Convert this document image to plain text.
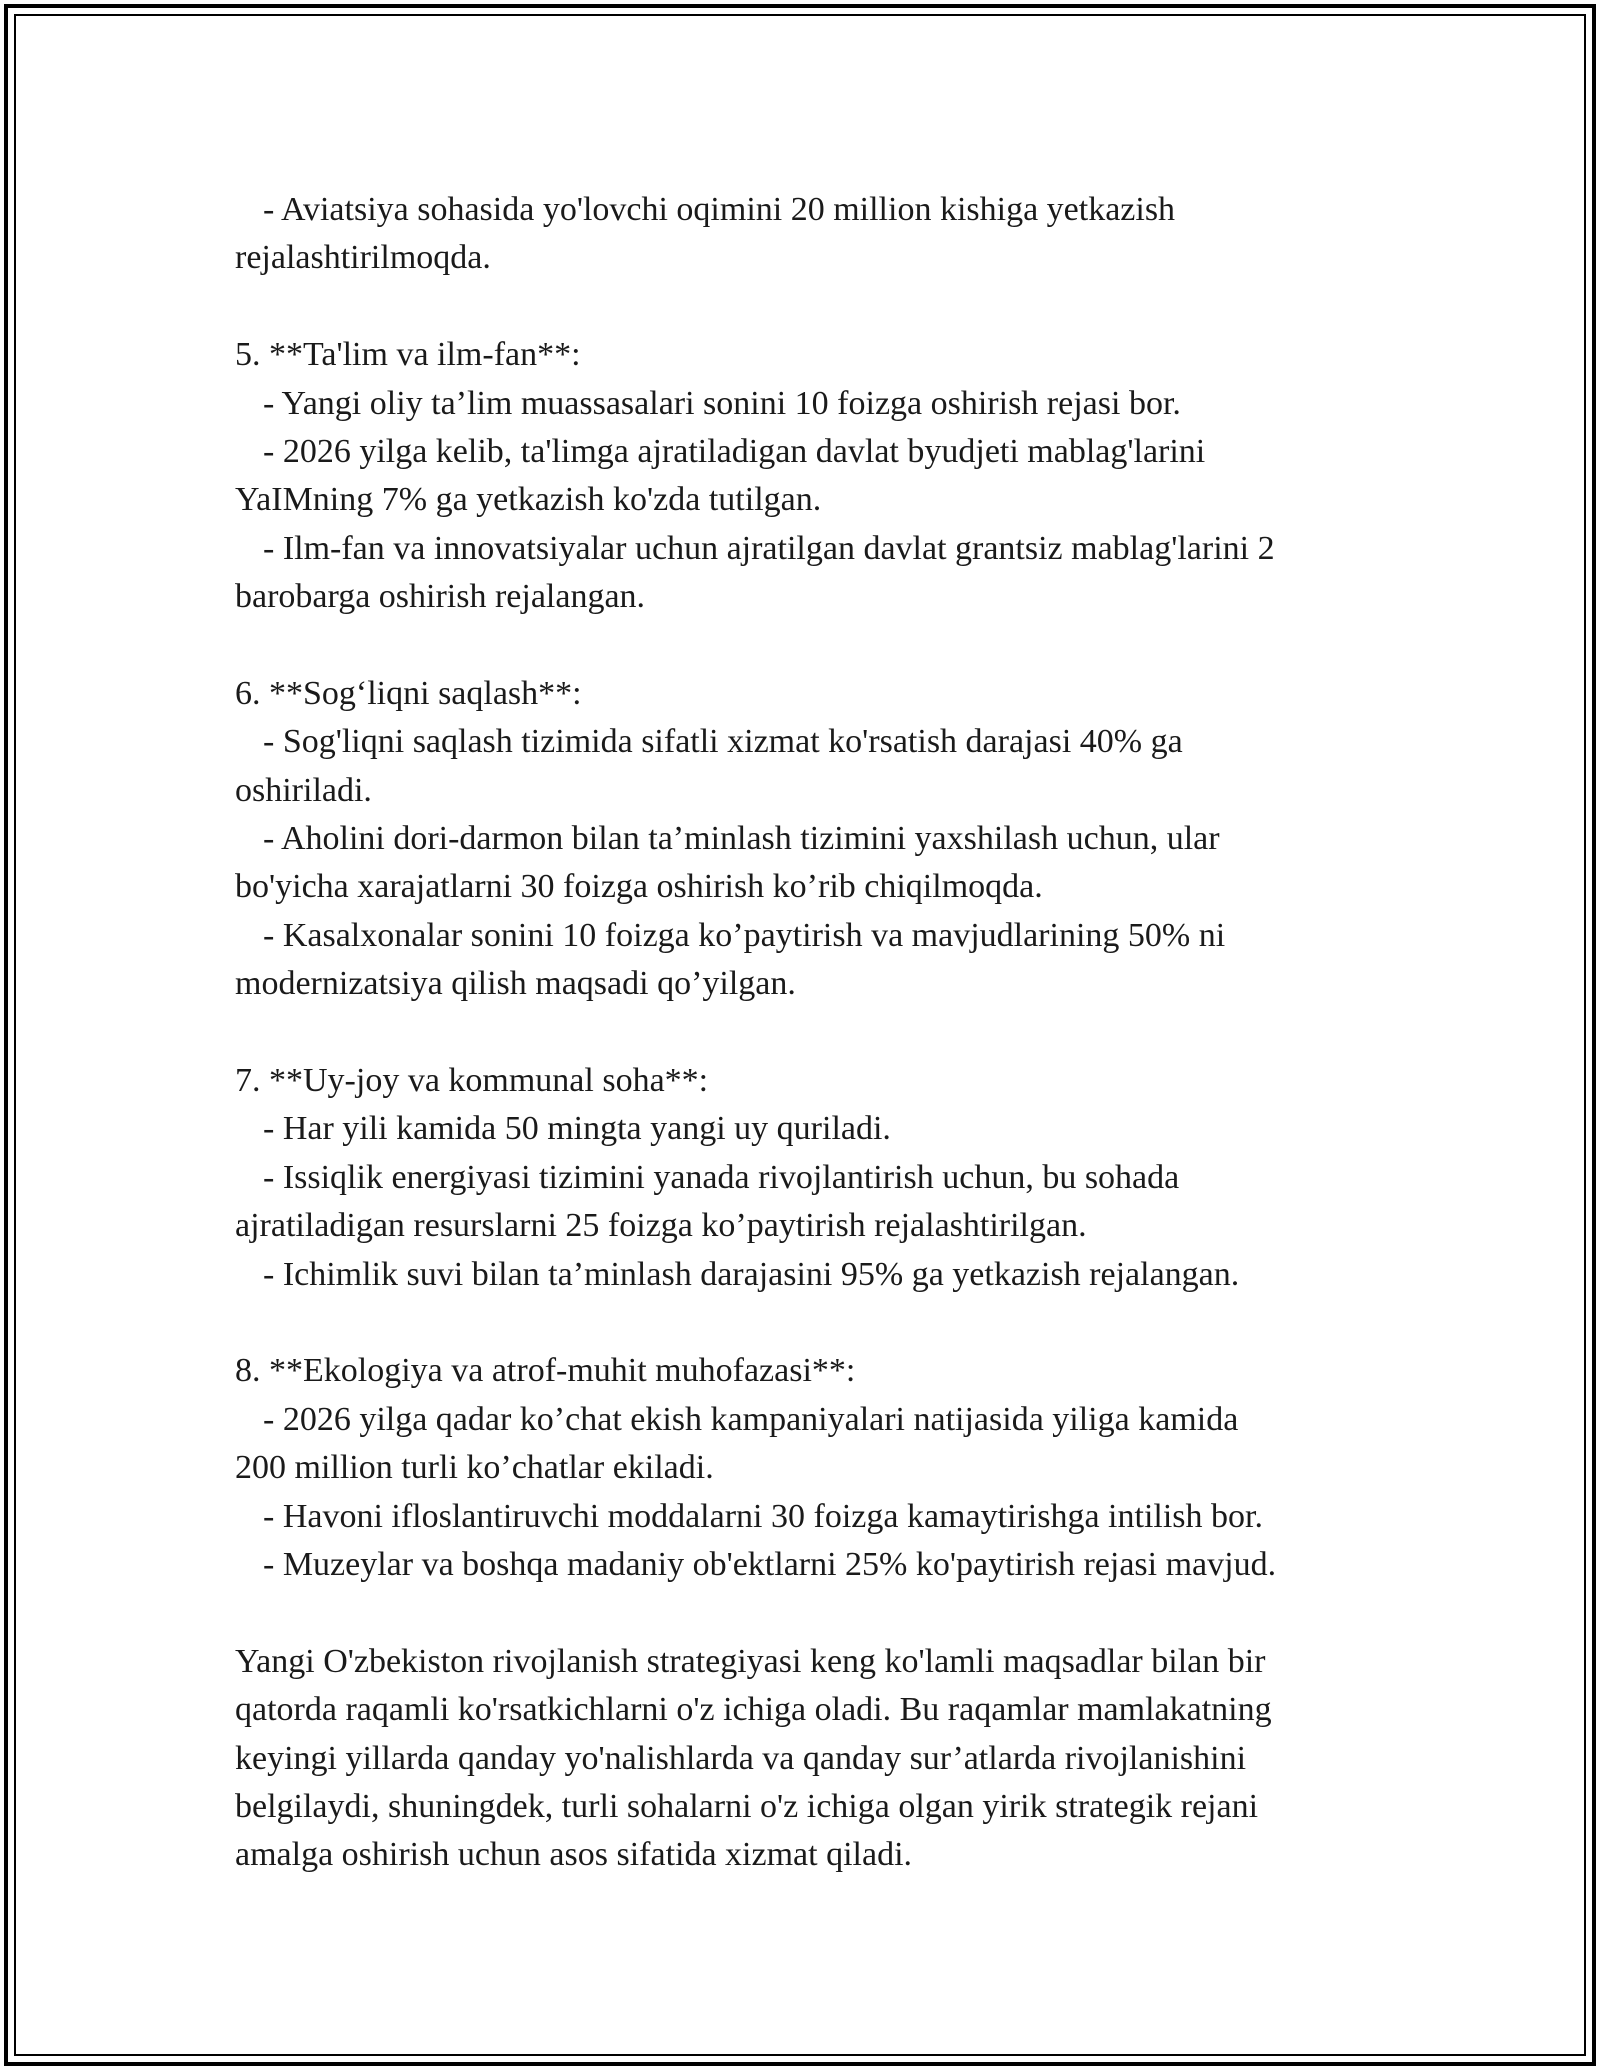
- Aviatsiya sohasida yo'lovchi oqimini 20 million kishiga yetkazish
rejalashtirilmoqda.
5. **Ta'lim va ilm-fan**:
- Yangi oliy ta’lim muassasalari sonini 10 foizga oshirish rejasi bor.
- 2026 yilga kelib, ta'limga ajratiladigan davlat byudjeti mablag'larini
YaIMning 7% ga yetkazish ko'zda tutilgan.
- Ilm-fan va innovatsiyalar uchun ajratilgan davlat grantsiz mablag'larini 2
barobarga oshirish rejalangan.
6. **Sog‘liqni saqlash**:
- Sog'liqni saqlash tizimida sifatli xizmat ko'rsatish darajasi 40% ga
oshiriladi.
- Aholini dori-darmon bilan ta’minlash tizimini yaxshilash uchun, ular
bo'yicha xarajatlarni 30 foizga oshirish ko’rib chiqilmoqda.
- Kasalxonalar sonini 10 foizga ko’paytirish va mavjudlarining 50% ni
modernizatsiya qilish maqsadi qo’yilgan.
7. **Uy-joy va kommunal soha**:
- Har yili kamida 50 mingta yangi uy quriladi.
- Issiqlik energiyasi tizimini yanada rivojlantirish uchun, bu sohada
ajratiladigan resurslarni 25 foizga ko’paytirish rejalashtirilgan.
- Ichimlik suvi bilan ta’minlash darajasini 95% ga yetkazish rejalangan.
8. **Ekologiya va atrof-muhit muhofazasi**:
- 2026 yilga qadar ko’chat ekish kampaniyalari natijasida yiliga kamida
200 million turli ko’chatlar ekiladi.
- Havoni ifloslantiruvchi moddalarni 30 foizga kamaytirishga intilish bor.
- Muzeylar va boshqa madaniy ob'ektlarni 25% ko'paytirish rejasi mavjud.
Yangi O'zbekiston rivojlanish strategiyasi keng ko'lamli maqsadlar bilan bir
qatorda raqamli ko'rsatkichlarni o'z ichiga oladi. Bu raqamlar mamlakatning
keyingi yillarda qanday yo'nalishlarda va qanday sur’atlarda rivojlanishini
belgilaydi, shuningdek, turli sohalarni o'z ichiga olgan yirik strategik rejani
amalga oshirish uchun asos sifatida xizmat qiladi.
